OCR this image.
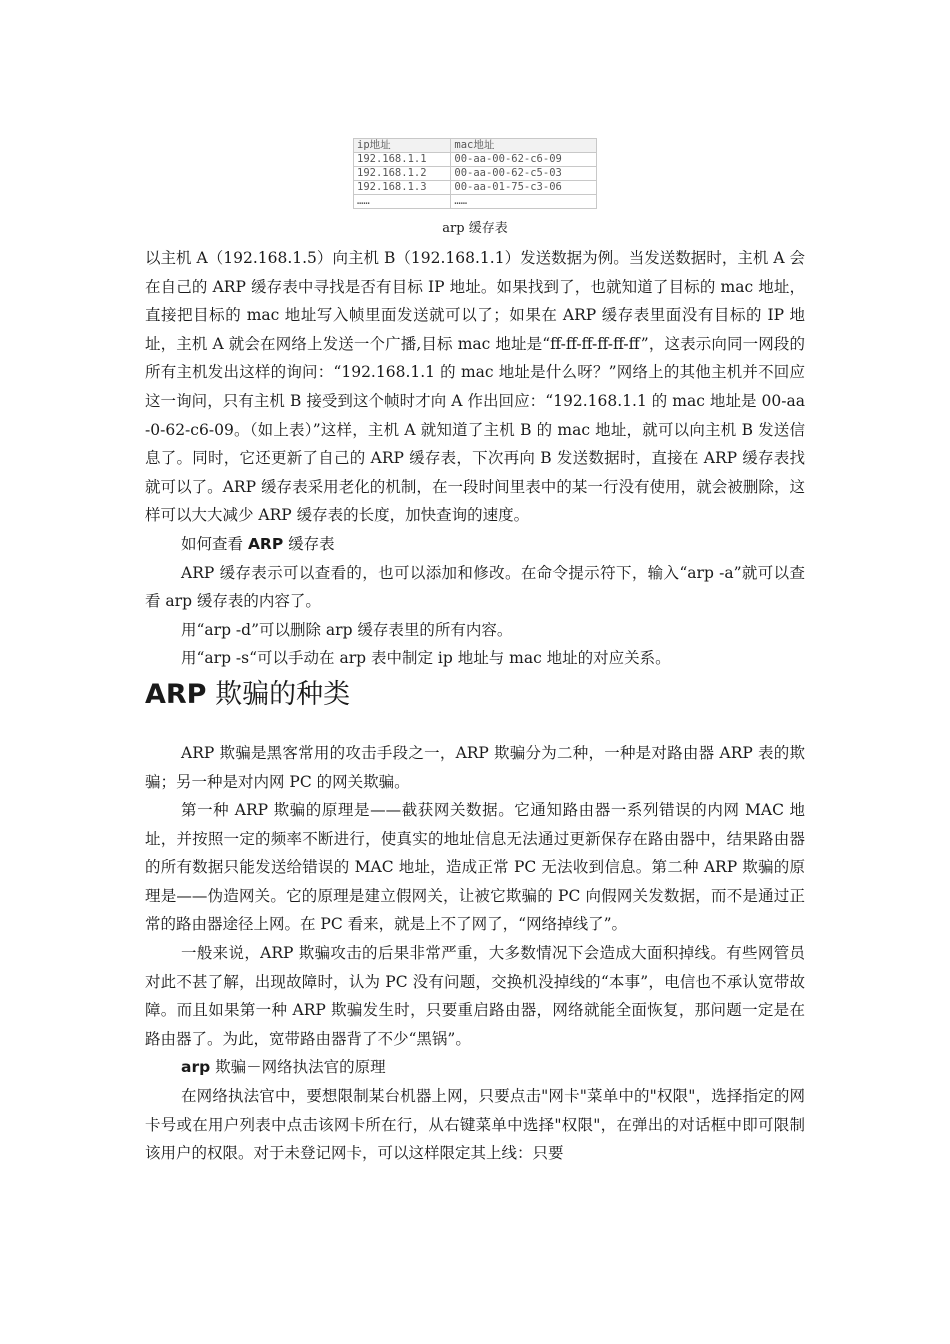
ip地址	mac地址
192.168.1.1	00-aa-00-62-c6-09
192.168.1.2	00-aa-00-62-c5-03
192.168.1.3	00-aa-01-75-c3-06
……	……
arp 缓存表

以主机 A（192.168.1.5）向主机 B（192.168.1.1）发送数据为例。当发送数据时，主机 A 会在自己的 ARP 缓存表中寻找是否有目标 IP 地址。如果找到了，也就知道了目标的 mac 地址，直接把目标的 mac 地址写入帧里面发送就可以了；如果在 ARP 缓存表里面没有目标的 IP 地址，主机 A 就会在网络上发送一个广播,目标 mac 地址是“ff-ff-ff-ff-ff-ff”，这表示向同一网段的所有主机发出这样的询问：“192.168.1.1 的 mac 地址是什么呀？”网络上的其他主机并不回应这一询问，只有主机 B 接受到这个帧时才向 A 作出回应：“192.168.1.1 的 mac 地址是 00-aa-0-62-c6-09。（如上表）”这样，主机 A 就知道了主机 B 的 mac 地址，就可以向主机 B 发送信息了。同时，它还更新了自己的 ARP 缓存表，下次再向 B 发送数据时，直接在 ARP 缓存表找就可以了。ARP 缓存表采用老化的机制，在一段时间里表中的某一行没有使用，就会被删除，这样可以大大减少 ARP 缓存表的长度，加快查询的速度。

如何查看 ARP 缓存表

ARP 缓存表示可以查看的，也可以添加和修改。在命令提示符下，输入“arp -a”就可以查看 arp 缓存表的内容了。

用“arp -d”可以删除 arp 缓存表里的所有内容。

用“arp -s“可以手动在 arp 表中制定 ip 地址与 mac 地址的对应关系。

ARP 欺骗的种类

ARP 欺骗是黑客常用的攻击手段之一，ARP 欺骗分为二种，一种是对路由器 ARP 表的欺骗；另一种是对内网 PC 的网关欺骗。

第一种 ARP 欺骗的原理是——截获网关数据。它通知路由器一系列错误的内网 MAC 地址，并按照一定的频率不断进行，使真实的地址信息无法通过更新保存在路由器中，结果路由器的所有数据只能发送给错误的 MAC 地址，造成正常 PC 无法收到信息。第二种 ARP 欺骗的原理是——伪造网关。它的原理是建立假网关，让被它欺骗的 PC 向假网关发数据，而不是通过正常的路由器途径上网。在 PC 看来，就是上不了网了，“网络掉线了”。

一般来说，ARP 欺骗攻击的后果非常严重，大多数情况下会造成大面积掉线。有些网管员对此不甚了解，出现故障时，认为 PC 没有问题，交换机没掉线的“本事”，电信也不承认宽带故障。而且如果第一种 ARP 欺骗发生时，只要重启路由器，网络就能全面恢复，那问题一定是在路由器了。为此，宽带路由器背了不少“黑锅”。

arp 欺骗－网络执法官的原理

在网络执法官中，要想限制某台机器上网，只要点击"网卡"菜单中的"权限"，选择指定的网卡号或在用户列表中点击该网卡所在行，从右键菜单中选择"权限"，在弹出的对话框中即可限制该用户的权限。对于未登记网卡，可以这样限定其上线：只要
